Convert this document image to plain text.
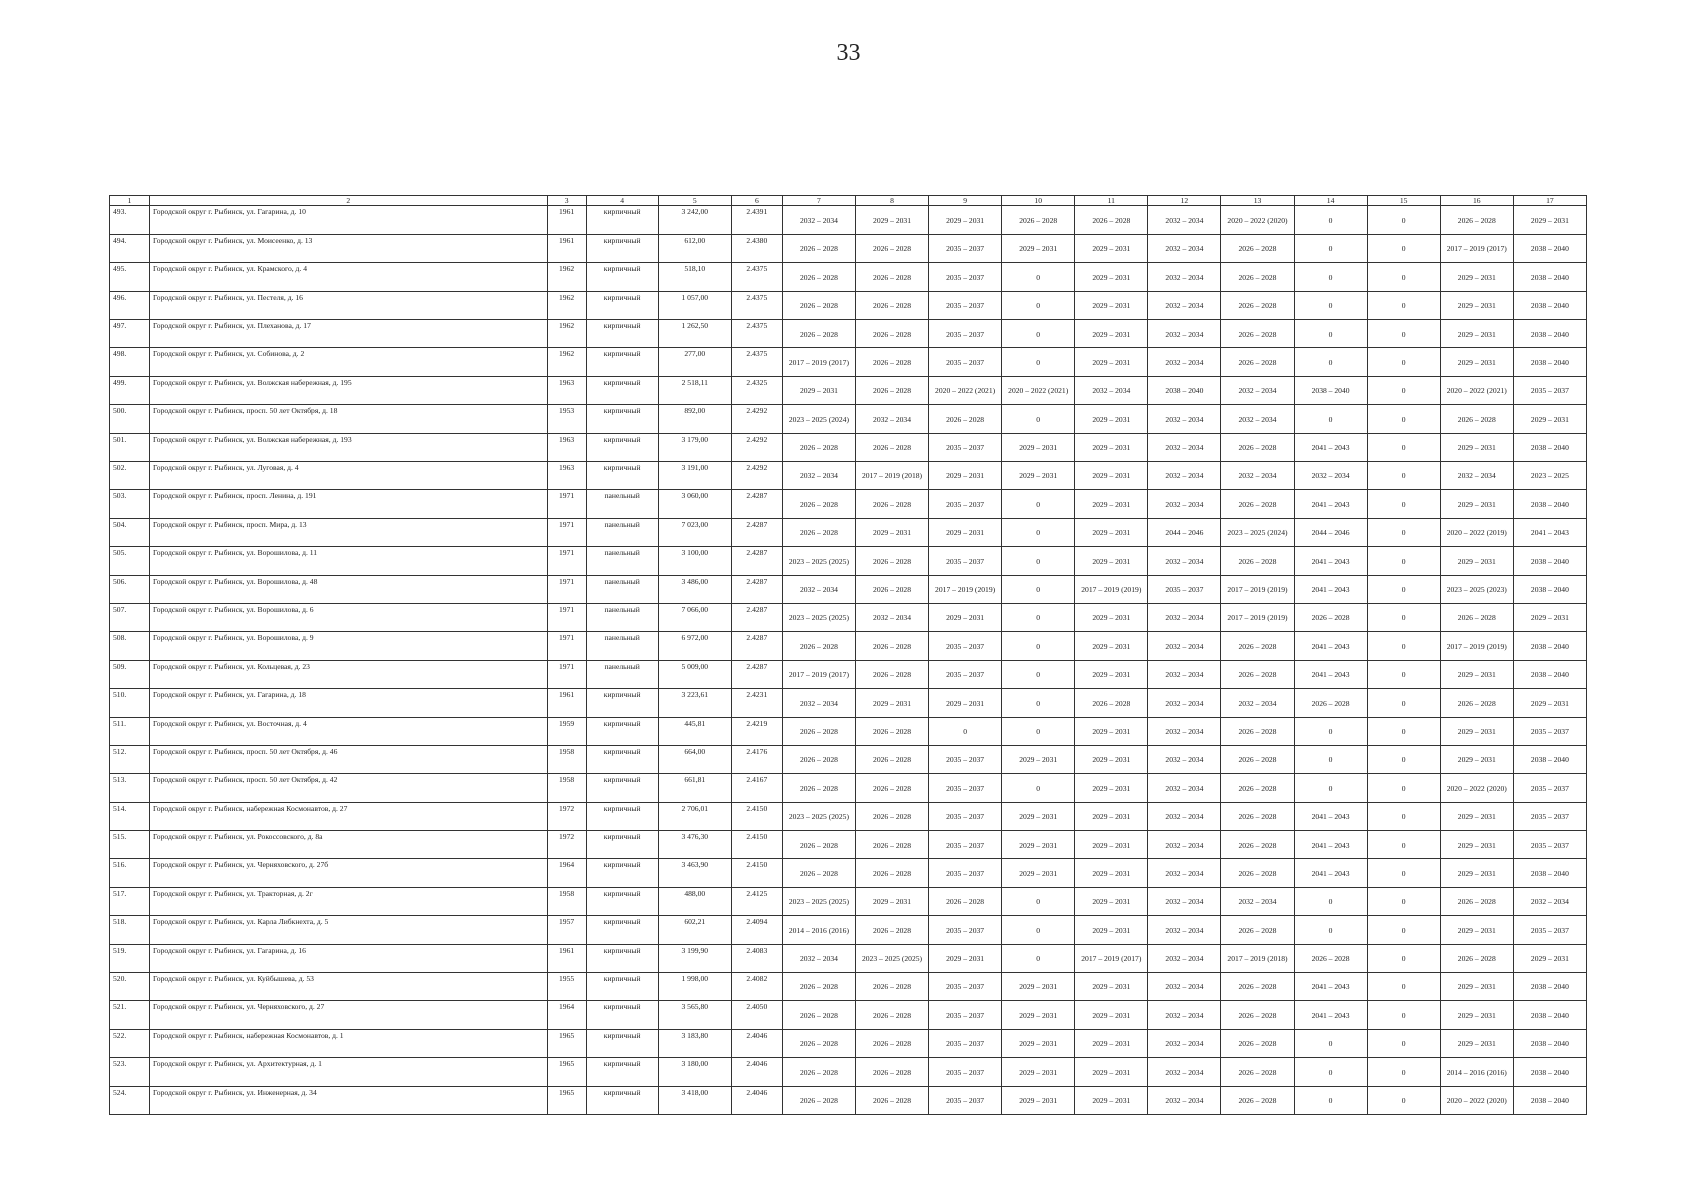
33
1	2	3	4	5	6	7	8	9	10	11	12	13	14	15	16	17
493.	Городской округ г. Рыбинск, ул. Гагарина, д. 10	1961	кирпичный	3 242,00	2.4391	2032 – 2034	2029 – 2031	2029 – 2031	2026 – 2028	2026 – 2028	2032 – 2034	2020 – 2022 (2020)	0	0	2026 – 2028	2029 – 2031
494.	Городской округ г. Рыбинск, ул. Моисеенко, д. 13	1961	кирпичный	612,00	2.4380	2026 – 2028	2026 – 2028	2035 – 2037	2029 – 2031	2029 – 2031	2032 – 2034	2026 – 2028	0	0	2017 – 2019 (2017)	2038 – 2040
495.	Городской округ г. Рыбинск, ул. Крамского, д. 4	1962	кирпичный	518,10	2.4375	2026 – 2028	2026 – 2028	2035 – 2037	0	2029 – 2031	2032 – 2034	2026 – 2028	0	0	2029 – 2031	2038 – 2040
496.	Городской округ г. Рыбинск, ул. Пестеля, д. 16	1962	кирпичный	1 057,00	2.4375	2026 – 2028	2026 – 2028	2035 – 2037	0	2029 – 2031	2032 – 2034	2026 – 2028	0	0	2029 – 2031	2038 – 2040
497.	Городской округ г. Рыбинск, ул. Плеханова, д. 17	1962	кирпичный	1 262,50	2.4375	2026 – 2028	2026 – 2028	2035 – 2037	0	2029 – 2031	2032 – 2034	2026 – 2028	0	0	2029 – 2031	2038 – 2040
498.	Городской округ г. Рыбинск, ул. Собинова, д. 2	1962	кирпичный	277,00	2.4375	2017 – 2019 (2017)	2026 – 2028	2035 – 2037	0	2029 – 2031	2032 – 2034	2026 – 2028	0	0	2029 – 2031	2038 – 2040
499.	Городской округ г. Рыбинск, ул. Волжская набережная, д. 195	1963	кирпичный	2 518,11	2.4325	2029 – 2031	2026 – 2028	2020 – 2022 (2021)	2020 – 2022 (2021)	2032 – 2034	2038 – 2040	2032 – 2034	2038 – 2040	0	2020 – 2022 (2021)	2035 – 2037
500.	Городской округ г. Рыбинск, просп. 50 лет Октября, д. 18	1953	кирпичный	892,00	2.4292	2023 – 2025 (2024)	2032 – 2034	2026 – 2028	0	2029 – 2031	2032 – 2034	2032 – 2034	0	0	2026 – 2028	2029 – 2031
501.	Городской округ г. Рыбинск, ул. Волжская набережная, д. 193	1963	кирпичный	3 179,00	2.4292	2026 – 2028	2026 – 2028	2035 – 2037	2029 – 2031	2029 – 2031	2032 – 2034	2026 – 2028	2041 – 2043	0	2029 – 2031	2038 – 2040
502.	Городской округ г. Рыбинск, ул. Луговая, д. 4	1963	кирпичный	3 191,00	2.4292	2032 – 2034	2017 – 2019 (2018)	2029 – 2031	2029 – 2031	2029 – 2031	2032 – 2034	2032 – 2034	2032 – 2034	0	2032 – 2034	2023 – 2025
503.	Городской округ г. Рыбинск, просп. Ленина, д. 191	1971	панельный	3 060,00	2.4287	2026 – 2028	2026 – 2028	2035 – 2037	0	2029 – 2031	2032 – 2034	2026 – 2028	2041 – 2043	0	2029 – 2031	2038 – 2040
504.	Городской округ г. Рыбинск, просп. Мира, д. 13	1971	панельный	7 023,00	2.4287	2026 – 2028	2029 – 2031	2029 – 2031	0	2029 – 2031	2044 – 2046	2023 – 2025 (2024)	2044 – 2046	0	2020 – 2022 (2019)	2041 – 2043
505.	Городской округ г. Рыбинск, ул. Ворошилова, д. 11	1971	панельный	3 100,00	2.4287	2023 – 2025 (2025)	2026 – 2028	2035 – 2037	0	2029 – 2031	2032 – 2034	2026 – 2028	2041 – 2043	0	2029 – 2031	2038 – 2040
506.	Городской округ г. Рыбинск, ул. Ворошилова, д. 48	1971	панельный	3 486,00	2.4287	2032 – 2034	2026 – 2028	2017 – 2019 (2019)	0	2017 – 2019 (2019)	2035 – 2037	2017 – 2019 (2019)	2041 – 2043	0	2023 – 2025 (2023)	2038 – 2040
507.	Городской округ г. Рыбинск, ул. Ворошилова, д. 6	1971	панельный	7 066,00	2.4287	2023 – 2025 (2025)	2032 – 2034	2029 – 2031	0	2029 – 2031	2032 – 2034	2017 – 2019 (2019)	2026 – 2028	0	2026 – 2028	2029 – 2031
508.	Городской округ г. Рыбинск, ул. Ворошилова, д. 9	1971	панельный	6 972,00	2.4287	2026 – 2028	2026 – 2028	2035 – 2037	0	2029 – 2031	2032 – 2034	2026 – 2028	2041 – 2043	0	2017 – 2019 (2019)	2038 – 2040
509.	Городской округ г. Рыбинск, ул. Кольцевая, д. 23	1971	панельный	5 009,00	2.4287	2017 – 2019 (2017)	2026 – 2028	2035 – 2037	0	2029 – 2031	2032 – 2034	2026 – 2028	2041 – 2043	0	2029 – 2031	2038 – 2040
510.	Городской округ г. Рыбинск, ул. Гагарина, д. 18	1961	кирпичный	3 223,61	2.4231	2032 – 2034	2029 – 2031	2029 – 2031	0	2026 – 2028	2032 – 2034	2032 – 2034	2026 – 2028	0	2026 – 2028	2029 – 2031
511.	Городской округ г. Рыбинск, ул. Восточная, д. 4	1959	кирпичный	445,81	2.4219	2026 – 2028	2026 – 2028	0	0	2029 – 2031	2032 – 2034	2026 – 2028	0	0	2029 – 2031	2035 – 2037
512.	Городской округ г. Рыбинск, просп. 50 лет Октября, д. 46	1958	кирпичный	664,00	2.4176	2026 – 2028	2026 – 2028	2035 – 2037	2029 – 2031	2029 – 2031	2032 – 2034	2026 – 2028	0	0	2029 – 2031	2038 – 2040
513.	Городской округ г. Рыбинск, просп. 50 лет Октября, д. 42	1958	кирпичный	661,81	2.4167	2026 – 2028	2026 – 2028	2035 – 2037	0	2029 – 2031	2032 – 2034	2026 – 2028	0	0	2020 – 2022 (2020)	2035 – 2037
514.	Городской округ г. Рыбинск, набережная Космонавтов, д. 27	1972	кирпичный	2 706,01	2.4150	2023 – 2025 (2025)	2026 – 2028	2035 – 2037	2029 – 2031	2029 – 2031	2032 – 2034	2026 – 2028	2041 – 2043	0	2029 – 2031	2035 – 2037
515.	Городской округ г. Рыбинск, ул. Рокоссовского, д. 8а	1972	кирпичный	3 476,30	2.4150	2026 – 2028	2026 – 2028	2035 – 2037	2029 – 2031	2029 – 2031	2032 – 2034	2026 – 2028	2041 – 2043	0	2029 – 2031	2035 – 2037
516.	Городской округ г. Рыбинск, ул. Черняховского, д. 27б	1964	кирпичный	3 463,90	2.4150	2026 – 2028	2026 – 2028	2035 – 2037	2029 – 2031	2029 – 2031	2032 – 2034	2026 – 2028	2041 – 2043	0	2029 – 2031	2038 – 2040
517.	Городской округ г. Рыбинск, ул. Тракторная, д. 2г	1958	кирпичный	488,00	2.4125	2023 – 2025 (2025)	2029 – 2031	2026 – 2028	0	2029 – 2031	2032 – 2034	2032 – 2034	0	0	2026 – 2028	2032 – 2034
518.	Городской округ г. Рыбинск, ул. Карла Либкнехта, д. 5	1957	кирпичный	602,21	2.4094	2014 – 2016 (2016)	2026 – 2028	2035 – 2037	0	2029 – 2031	2032 – 2034	2026 – 2028	0	0	2029 – 2031	2035 – 2037
519.	Городской округ г. Рыбинск, ул. Гагарина, д. 16	1961	кирпичный	3 199,90	2.4083	2032 – 2034	2023 – 2025 (2025)	2029 – 2031	0	2017 – 2019 (2017)	2032 – 2034	2017 – 2019 (2018)	2026 – 2028	0	2026 – 2028	2029 – 2031
520.	Городской округ г. Рыбинск, ул. Куйбышева, д. 53	1955	кирпичный	1 998,00	2.4082	2026 – 2028	2026 – 2028	2035 – 2037	2029 – 2031	2029 – 2031	2032 – 2034	2026 – 2028	2041 – 2043	0	2029 – 2031	2038 – 2040
521.	Городской округ г. Рыбинск, ул. Черняховского, д. 27	1964	кирпичный	3 565,80	2.4050	2026 – 2028	2026 – 2028	2035 – 2037	2029 – 2031	2029 – 2031	2032 – 2034	2026 – 2028	2041 – 2043	0	2029 – 2031	2038 – 2040
522.	Городской округ г. Рыбинск, набережная Космонавтов, д. 1	1965	кирпичный	3 183,80	2.4046	2026 – 2028	2026 – 2028	2035 – 2037	2029 – 2031	2029 – 2031	2032 – 2034	2026 – 2028	0	0	2029 – 2031	2038 – 2040
523.	Городской округ г. Рыбинск, ул. Архитектурная, д. 1	1965	кирпичный	3 180,00	2.4046	2026 – 2028	2026 – 2028	2035 – 2037	2029 – 2031	2029 – 2031	2032 – 2034	2026 – 2028	0	0	2014 – 2016 (2016)	2038 – 2040
524.	Городской округ г. Рыбинск, ул. Инженерная, д. 34	1965	кирпичный	3 418,00	2.4046	2026 – 2028	2026 – 2028	2035 – 2037	2029 – 2031	2029 – 2031	2032 – 2034	2026 – 2028	0	0	2020 – 2022 (2020)	2038 – 2040
